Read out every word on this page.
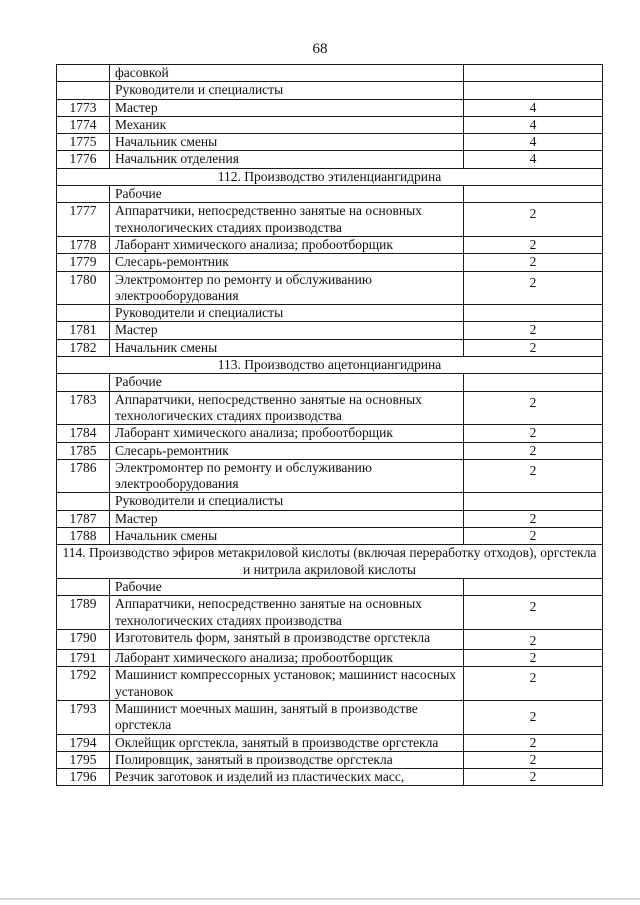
68
	фасовкой	
	Руководители и специалисты	
1773	Мастер	4
1774	Механик	4
1775	Начальник смены	4
1776	Начальник отделения	4
112. Производство этиленциангидрина		
	Рабочие	
1777	Аппаратчики, непосредственно занятые на основных технологических стадиях производства	2
1778	Лаборант химического анализа; пробоотборщик	2
1779	Слесарь-ремонтник	2
1780	Электромонтер по ремонту и обслуживанию электрооборудования	2
	Руководители и специалисты	
1781	Мастер	2
1782	Начальник смены	2
113. Производство ацетонциангидрина		
	Рабочие	
1783	Аппаратчики, непосредственно занятые на основных технологических стадиях производства	2
1784	Лаборант химического анализа; пробоотборщик	2
1785	Слесарь-ремонтник	2
1786	Электромонтер по ремонту и обслуживанию электрооборудования	2
	Руководители и специалисты	
1787	Мастер	2
1788	Начальник смены	2
114. Производство эфиров метакриловой кислоты (включая переработку отходов), оргстекла и нитрила акриловой кислоты		
	Рабочие	
1789	Аппаратчики, непосредственно занятые на основных технологических стадиях производства	2
1790	Изготовитель форм, занятый в производстве оргстекла	2
1791	Лаборант химического анализа; пробоотборщик	2
1792	Машинист компрессорных установок; машинист насосных установок	2
1793	Машинист моечных машин, занятый в производстве оргстекла	2
1794	Оклейщик оргстекла, занятый в производстве оргстекла	2
1795	Полировщик, занятый в производстве оргстекла	2
1796	Резчик заготовок и изделий из пластических масс,	2
